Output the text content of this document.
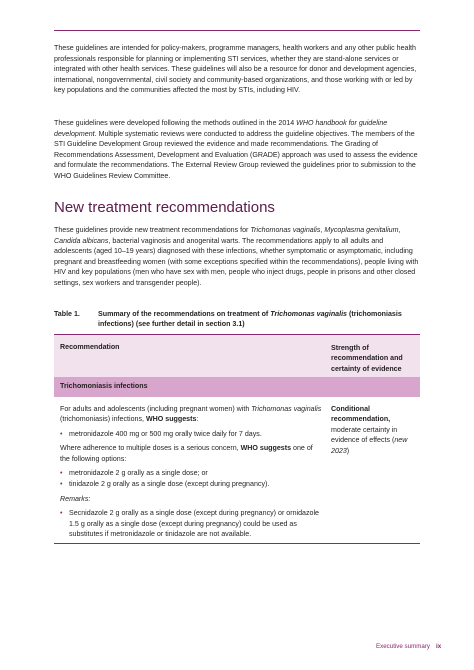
These guidelines are intended for policy-makers, programme managers, health workers and any other public health professionals responsible for planning or implementing STI services, whether they are stand-alone services or integrated with other health services. These guidelines will also be a resource for donor and development agencies, international, nongovernmental, civil society and community-based organizations, and those working with or led by key populations and the communities affected the most by STIs, including HIV.

These guidelines were developed following the methods outlined in the 2014 WHO handbook for guideline development. Multiple systematic reviews were conducted to address the guideline objectives. The members of the STI Guideline Development Group reviewed the evidence and made recommendations. The Grading of Recommendations Assessment, Development and Evaluation (GRADE) approach was used to assess the evidence and formulate the recommendations. The External Review Group reviewed the guidelines prior to submission to the WHO Guidelines Review Committee.

New treatment recommendations

These guidelines provide new treatment recommendations for Trichomonas vaginalis, Mycoplasma genitalium, Candida albicans, bacterial vaginosis and anogenital warts. The recommendations apply to all adults and adolescents (aged 10–19 years) diagnosed with these infections, whether symptomatic or asymptomatic, including pregnant and breastfeeding women (with some exceptions specified within the recommendations), people living with HIV and key populations (men who have sex with men, people who inject drugs, people in prisons and other closed settings, sex workers and transgender people).

Table 1.	Summary of the recommendations on treatment of Trichomonas vaginalis (trichomoniasis infections) (see further detail in section 3.1)
Recommendation	Strength of recommendation and certainty of evidence
Trichomoniasis infections

For adults and adolescents (including pregnant women) with Trichomonas vaginalis (trichomoniasis) infections, WHO suggests:

• metronidazole 400 mg or 500 mg orally twice daily for 7 days.

Where adherence to multiple doses is a serious concern, WHO suggests one of the following options:

• metronidazole 2 g orally as a single dose; or

• tinidazole 2 g orally as a single dose (except during pregnancy).

Remarks:

• Secnidazole 2 g orally as a single dose (except during pregnancy) or ornidazole 1.5 g orally as a single dose (except during pregnancy) could be used as substitutes if metronidazole or tinidazole are not available.

Conditional recommendation, moderate certainty in evidence of effects (new 2023)
Executive summary ix
